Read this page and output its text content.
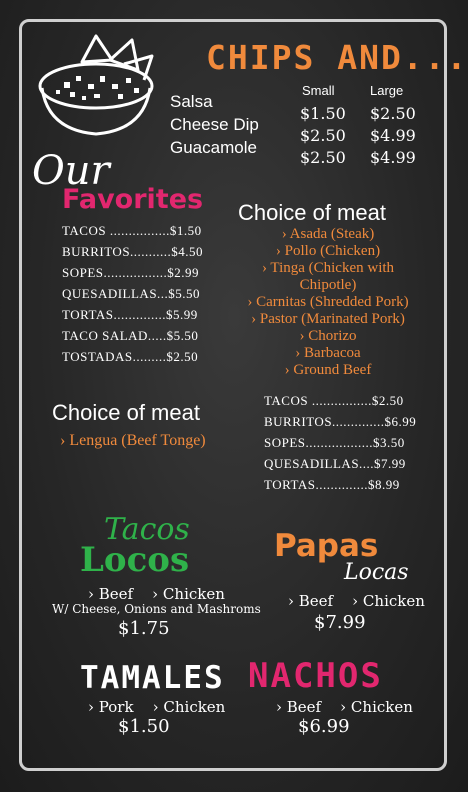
CHIPS AND...
Small	Large
Salsa
Cheese Dip
Guacamole
$1.50
$2.50
$2.50
$2.50
$4.99
$4.99
Our
Favorites
TACOS ................$1.50
BURRITOS...........$4.50
SOPES.................$2.99
QUESADILLAS...$5.50
TORTAS..............$5.99
TACO SALAD.....$5.50
TOSTADAS.........$2.50
Choice of meat
› Asada (Steak)
› Pollo (Chicken)
› Tinga (Chicken with
Chipotle)
› Carnitas (Shredded Pork)
› Pastor (Marinated Pork)
› Chorizo
› Barbacoa
› Ground Beef
Choice of meat
› Lengua (Beef Tonge)
TACOS ................$2.50
BURRITOS..............$6.99
SOPES..................$3.50
QUESADILLAS....$7.99
TORTAS..............$8.99
Tacos
Locos
› Beef    › Chicken
W/ Cheese, Onions and Mashroms
$1.75
Papas
Locas
› Beef    › Chicken
$7.99
TAMALES
› Pork    › Chicken
$1.50
NACHOS
› Beef    › Chicken
$6.99
